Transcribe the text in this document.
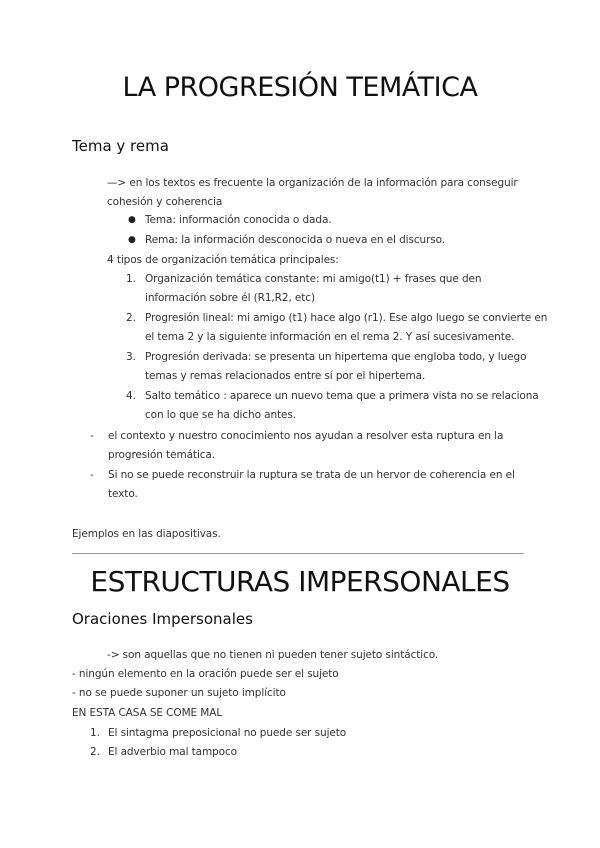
LA PROGRESIÓN TEMÁTICA
Tema y rema
—> en los textos es frecuente la organización de la información para conseguir
cohesión y coherencia
● Tema: información conocida o dada.
● Rema: la información desconocida o nueva en el discurso.
4 tipos de organización temática principales:
1. Organización temática constante: mi amigo(t1) + frases que den
información sobre él (R1,R2, etc)
2. Progresión lineal: mi amigo (t1) hace algo (r1). Ese algo luego se convierte en
el tema 2 y la siguiente información en el rema 2. Y así sucesivamente.
3. Progresión derivada: se presenta un hipertema que engloba todo, y luego
temas y remas relacionados entre sí por el hipertema.
4. Salto temático : aparece un nuevo tema que a primera vista no se relaciona
con lo que se ha dicho antes.
- el contexto y nuestro conocimiento nos ayudan a resolver esta ruptura en la
progresión temática.
- Si no se puede reconstruir la ruptura se trata de un hervor de coherencia en el
texto.
Ejemplos en las diapositivas.
ESTRUCTURAS IMPERSONALES
Oraciones Impersonales
-> son aquellas que no tienen ni pueden tener sujeto sintáctico.
- ningún elemento en la oración puede ser el sujeto
- no se puede suponer un sujeto implícito
EN ESTA CASA SE COME MAL
1. El sintagma preposicional no puede ser sujeto
2. El adverbio mal tampoco
